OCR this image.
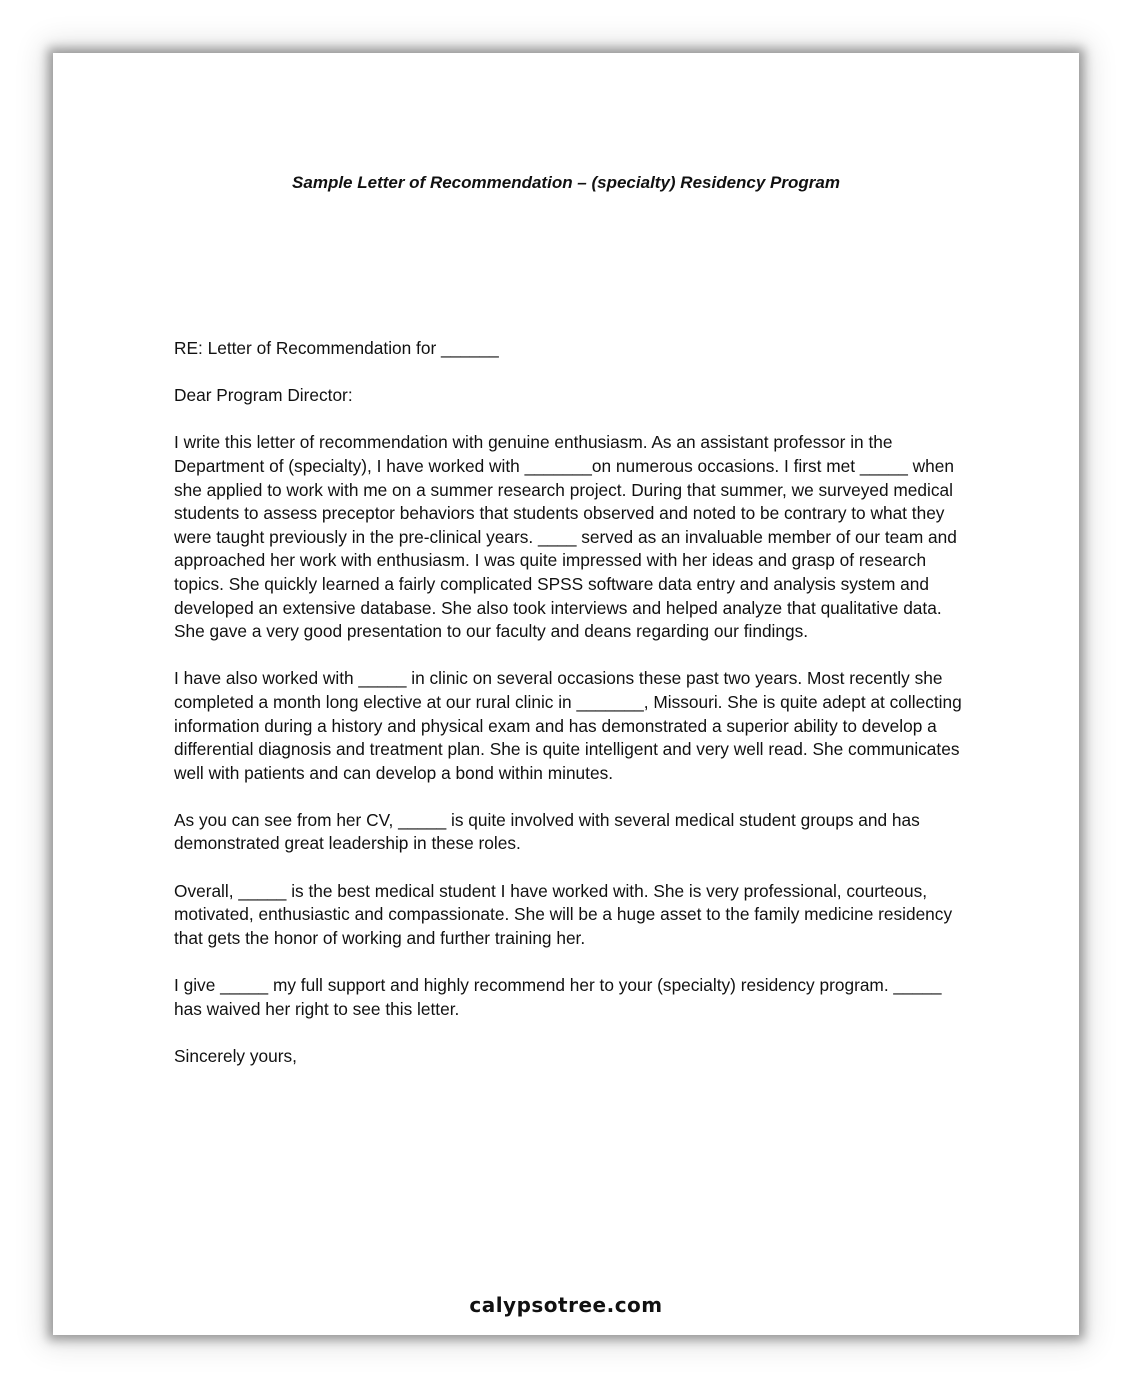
Sample Letter of Recommendation – (specialty) Residency Program

RE: Letter of Recommendation for ______

Dear Program Director:

I write this letter of recommendation with genuine enthusiasm. As an assistant professor in the Department of (specialty), I have worked with _______on numerous occasions. I first met _____ when she applied to work with me on a summer research project. During that summer, we surveyed medical students to assess preceptor behaviors that students observed and noted to be contrary to what they were taught previously in the pre-clinical years. ____ served as an invaluable member of our team and approached her work with enthusiasm. I was quite impressed with her ideas and grasp of research topics. She quickly learned a fairly complicated SPSS software data entry and analysis system and developed an extensive database. She also took interviews and helped analyze that qualitative data. She gave a very good presentation to our faculty and deans regarding our findings.

I have also worked with _____ in clinic on several occasions these past two years. Most recently she completed a month long elective at our rural clinic in _______, Missouri. She is quite adept at collecting information during a history and physical exam and has demonstrated a superior ability to develop a differential diagnosis and treatment plan. She is quite intelligent and very well read. She communicates well with patients and can develop a bond within minutes.

As you can see from her CV, _____ is quite involved with several medical student groups and has demonstrated great leadership in these roles.

Overall, _____ is the best medical student I have worked with. She is very professional, courteous, motivated, enthusiastic and compassionate. She will be a huge asset to the family medicine residency that gets the honor of working and further training her.

I give _____ my full support and highly recommend her to your (specialty) residency program. _____ has waived her right to see this letter.

Sincerely yours,

calypsotree.com
